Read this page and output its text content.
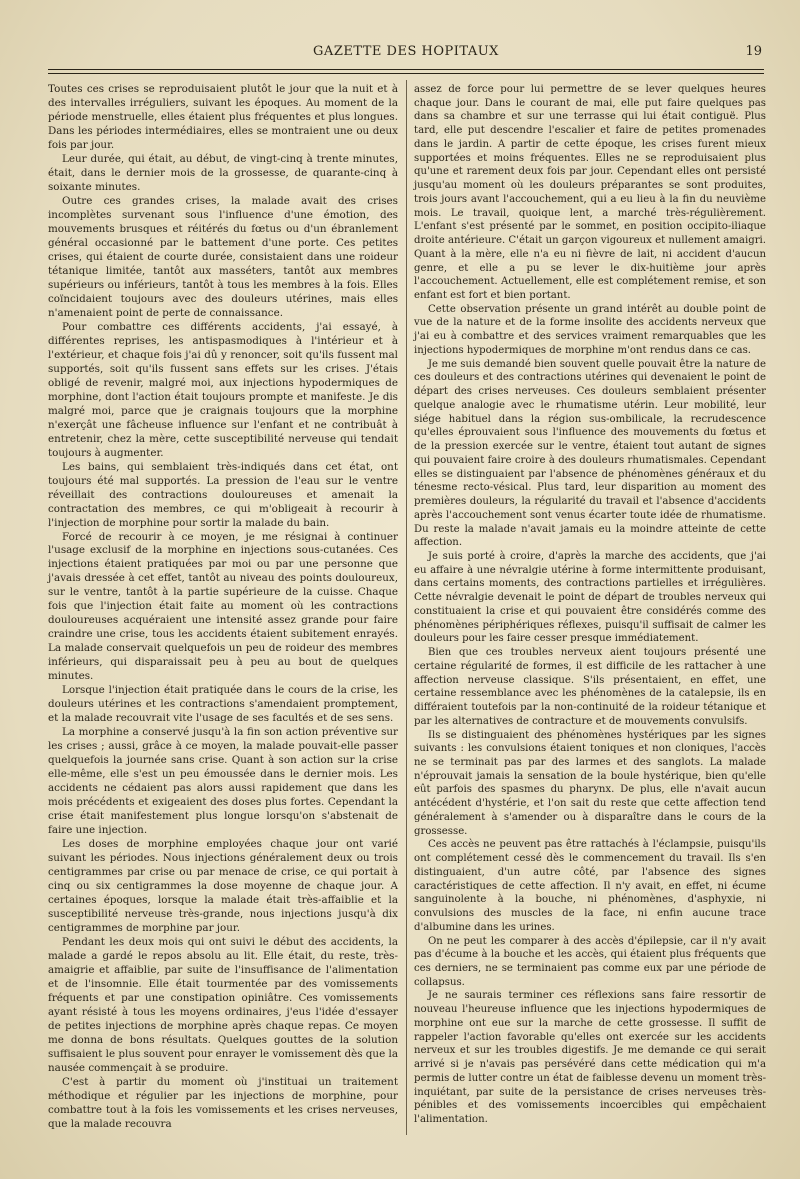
GAZETTE DES HOPITAUX	19

Toutes ces crises se reproduisaient plutôt le jour que la nuit et à des intervalles irréguliers, suivant les époques. Au moment de la période menstruelle, elles étaient plus fréquentes et plus longues. Dans les périodes intermédiaires, elles se montraient une ou deux fois par jour.

Leur durée, qui était, au début, de vingt-cinq à trente minutes, était, dans le dernier mois de la grossesse, de quarante-cinq à soixante minutes.

Outre ces grandes crises, la malade avait des crises incomplètes survenant sous l'influence d'une émotion, des mouvements brusques et réitérés du fœtus ou d'un ébranlement général occasionné par le battement d'une porte. Ces petites crises, qui étaient de courte durée, consistaient dans une roideur tétanique limitée, tantôt aux masséters, tantôt aux membres supérieurs ou inférieurs, tantôt à tous les membres à la fois. Elles coïncidaient toujours avec des douleurs utérines, mais elles n'amenaient point de perte de connaissance.

Pour combattre ces différents accidents, j'ai essayé, à différentes reprises, les antispasmodiques à l'intérieur et à l'extérieur, et chaque fois j'ai dû y renoncer, soit qu'ils fussent mal supportés, soit qu'ils fussent sans effets sur les crises. J'étais obligé de revenir, malgré moi, aux injections hypodermiques de morphine, dont l'action était toujours prompte et manifeste. Je dis malgré moi, parce que je craignais toujours que la morphine n'exerçât une fâcheuse influence sur l'enfant et ne contribuât à entretenir, chez la mère, cette susceptibilité nerveuse qui tendait toujours à augmenter.

Les bains, qui semblaient très-indiqués dans cet état, ont toujours été mal supportés. La pression de l'eau sur le ventre réveillait des contractions douloureuses et amenait la contractation des membres, ce qui m'obligeait à recourir à l'injection de morphine pour sortir la malade du bain.

Forcé de recourir à ce moyen, je me résignai à continuer l'usage exclusif de la morphine en injections sous-cutanées. Ces injections étaient pratiquées par moi ou par une personne que j'avais dressée à cet effet, tantôt au niveau des points douloureux, sur le ventre, tantôt à la partie supérieure de la cuisse. Chaque fois que l'injection était faite au moment où les contractions douloureuses acquéraient une intensité assez grande pour faire craindre une crise, tous les accidents étaient subitement enrayés. La malade conservait quelquefois un peu de roideur des membres inférieurs, qui disparaissait peu à peu au bout de quelques minutes.

Lorsque l'injection était pratiquée dans le cours de la crise, les douleurs utérines et les contractions s'amendaient promptement, et la malade recouvrait vite l'usage de ses facultés et de ses sens.

La morphine a conservé jusqu'à la fin son action préventive sur les crises ; aussi, grâce à ce moyen, la malade pouvait-elle passer quelquefois la journée sans crise. Quant à son action sur la crise elle-même, elle s'est un peu émoussée dans le dernier mois. Les accidents ne cédaient pas alors aussi rapidement que dans les mois précédents et exigeaient des doses plus fortes. Cependant la crise était manifestement plus longue lorsqu'on s'abstenait de faire une injection.

Les doses de morphine employées chaque jour ont varié suivant les périodes. Nous injections généralement deux ou trois centigrammes par crise ou par menace de crise, ce qui portait à cinq ou six centigrammes la dose moyenne de chaque jour. A certaines époques, lorsque la malade était très-affaiblie et la susceptibilité nerveuse très-grande, nous injections jusqu'à dix centigrammes de morphine par jour.

Pendant les deux mois qui ont suivi le début des accidents, la malade a gardé le repos absolu au lit. Elle était, du reste, très-amaigrie et affaiblie, par suite de l'insuffisance de l'alimentation et de l'insomnie. Elle était tourmentée par des vomissements fréquents et par une constipation opiniâtre. Ces vomissements ayant résisté à tous les moyens ordinaires, j'eus l'idée d'essayer de petites injections de morphine après chaque repas. Ce moyen me donna de bons résultats. Quelques gouttes de la solution suffisaient le plus souvent pour enrayer le vomissement dès que la nausée commençait à se produire.

C'est à partir du moment où j'instituai un traitement méthodique et régulier par les injections de morphine, pour combattre tout à la fois les vomissements et les crises nerveuses, que la malade recouvra

assez de force pour lui permettre de se lever quelques heures chaque jour. Dans le courant de mai, elle put faire quelques pas dans sa chambre et sur une terrasse qui lui était contiguë. Plus tard, elle put descendre l'escalier et faire de petites promenades dans le jardin. A partir de cette époque, les crises furent mieux supportées et moins fréquentes. Elles ne se reproduisaient plus qu'une et rarement deux fois par jour. Cependant elles ont persisté jusqu'au moment où les douleurs préparantes se sont produites, trois jours avant l'accouchement, qui a eu lieu à la fin du neuvième mois. Le travail, quoique lent, a marché très-régulièrement. L'enfant s'est présenté par le sommet, en position occipito-iliaque droite antérieure. C'était un garçon vigoureux et nullement amaigri. Quant à la mère, elle n'a eu ni fièvre de lait, ni accident d'aucun genre, et elle a pu se lever le dix-huitième jour après l'accouchement. Actuellement, elle est complétement remise, et son enfant est fort et bien portant.

Cette observation présente un grand intérêt au double point de vue de la nature et de la forme insolite des accidents nerveux que j'ai eu à combattre et des services vraiment remarquables que les injections hypodermiques de morphine m'ont rendus dans ce cas.

Je me suis demandé bien souvent quelle pouvait être la nature de ces douleurs et des contractions utérines qui devenaient le point de départ des crises nerveuses. Ces douleurs semblaient présenter quelque analogie avec le rhumatisme utérin. Leur mobilité, leur siége habituel dans la région sus-ombilicale, la recrudescence qu'elles éprouvaient sous l'influence des mouvements du fœtus et de la pression exercée sur le ventre, étaient tout autant de signes qui pouvaient faire croire à des douleurs rhumatismales. Cependant elles se distinguaient par l'absence de phénomènes généraux et du ténesme recto-vésical. Plus tard, leur disparition au moment des premières douleurs, la régularité du travail et l'absence d'accidents après l'accouchement sont venus écarter toute idée de rhumatisme. Du reste la malade n'avait jamais eu la moindre atteinte de cette affection.

Je suis porté à croire, d'après la marche des accidents, que j'ai eu affaire à une névralgie utérine à forme intermittente produisant, dans certains moments, des contractions partielles et irrégulières. Cette névralgie devenait le point de départ de troubles nerveux qui constituaient la crise et qui pouvaient être considérés comme des phénomènes périphériques réflexes, puisqu'il suffisait de calmer les douleurs pour les faire cesser presque immédiatement.

Bien que ces troubles nerveux aient toujours présenté une certaine régularité de formes, il est difficile de les rattacher à une affection nerveuse classique. S'ils présentaient, en effet, une certaine ressemblance avec les phénomènes de la catalepsie, ils en différaient toutefois par la non-continuité de la roideur tétanique et par les alternatives de contracture et de mouvements convulsifs.

Ils se distinguaient des phénomènes hystériques par les signes suivants : les convulsions étaient toniques et non cloniques, l'accès ne se terminait pas par des larmes et des sanglots. La malade n'éprouvait jamais la sensation de la boule hystérique, bien qu'elle eût parfois des spasmes du pharynx. De plus, elle n'avait aucun antécédent d'hystérie, et l'on sait du reste que cette affection tend généralement à s'amender ou à disparaître dans le cours de la grossesse.

Ces accès ne peuvent pas être rattachés à l'éclampsie, puisqu'ils ont complétement cessé dès le commencement du travail. Ils s'en distinguaient, d'un autre côté, par l'absence des signes caractéristiques de cette affection. Il n'y avait, en effet, ni écume sanguinolente à la bouche, ni phénomènes, d'asphyxie, ni convulsions des muscles de la face, ni enfin aucune trace d'albumine dans les urines.

On ne peut les comparer à des accès d'épilepsie, car il n'y avait pas d'écume à la bouche et les accès, qui étaient plus fréquents que ces derniers, ne se terminaient pas comme eux par une période de collapsus.

Je ne saurais terminer ces réflexions sans faire ressortir de nouveau l'heureuse influence que les injections hypodermiques de morphine ont eue sur la marche de cette grossesse. Il suffit de rappeler l'action favorable qu'elles ont exercée sur les accidents nerveux et sur les troubles digestifs. Je me demande ce qui serait arrivé si je n'avais pas persévéré dans cette médication qui m'a permis de lutter contre un état de faiblesse devenu un moment très-inquiétant, par suite de la persistance de crises nerveuses très-pénibles et des vomissements incoercibles qui empêchaient l'alimentation.
